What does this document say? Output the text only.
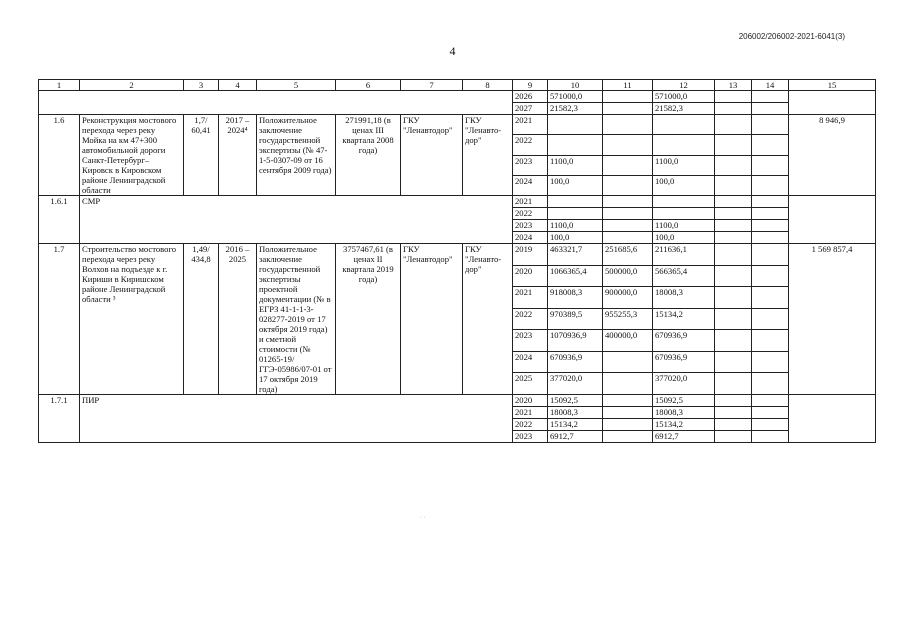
206002/206002-2021-6041(3)
4
1	2	3	4	5	6	7	8	9	10	11	12	13	14	15
								2026	571000,0		571000,0			
								2027	21582,3		21582,3			
1.6	Реконструкция мостового перехода через реку Мойка на км 47+300 автомобильной дороги Санкт-Петербург– Кировск в Кировском районе Ленинградской области	1,7/ 60,41	2017 – 2024⁴	Положительное заключение государственной экспертизы (№ 47-1-5-0307-09 от 16 сентября 2009 года)	271991,18 (в ценах III квартала 2008 года)	ГКУ "Ленавтодор"	ГКУ "Ленавто-дор"	2021						8 946,9
								2022						
								2023	1100,0		1100,0			
								2024	100,0		100,0			
1.6.1	СМР							2021						
								2022						
								2023	1100,0		1100,0			
								2024	100,0		100,0			
1.7	Строительство мостового перехода через реку Волхов на подъезде к г. Кириши в Киришском районе Ленинградской области ³	1,49/ 434,8	2016 – 2025	Положительное заключение государственной экспертизы проектной документации (№ в ЕГРЗ 41-1-1-3-028277-2019 от 17 октября 2019 года) и сметной стоимости (№ 01265-19/ГГЭ-05986/07-01 от 17 октября 2019 года)	3757467,61 (в ценах II квартала 2019 года)	ГКУ "Ленавтодор"	ГКУ "Ленавто-дор"	2019	463321,7	251685,6	211636,1			1 569 857,4
								2020	1066365,4	500000,0	566365,4			
								2021	918008,3	900000,0	18008,3			
								2022	970389,5	955255,3	15134,2			
								2023	1070936,9	400000,0	670936,9			
								2024	670936,9		670936,9			
								2025	377020,0		377020,0			
1.7.1	ПИР							2020	15092,5		15092,5			
								2021	18008,3		18008,3			
								2022	15134,2		15134,2			
								2023	6912,7		6912,7			
· ·
